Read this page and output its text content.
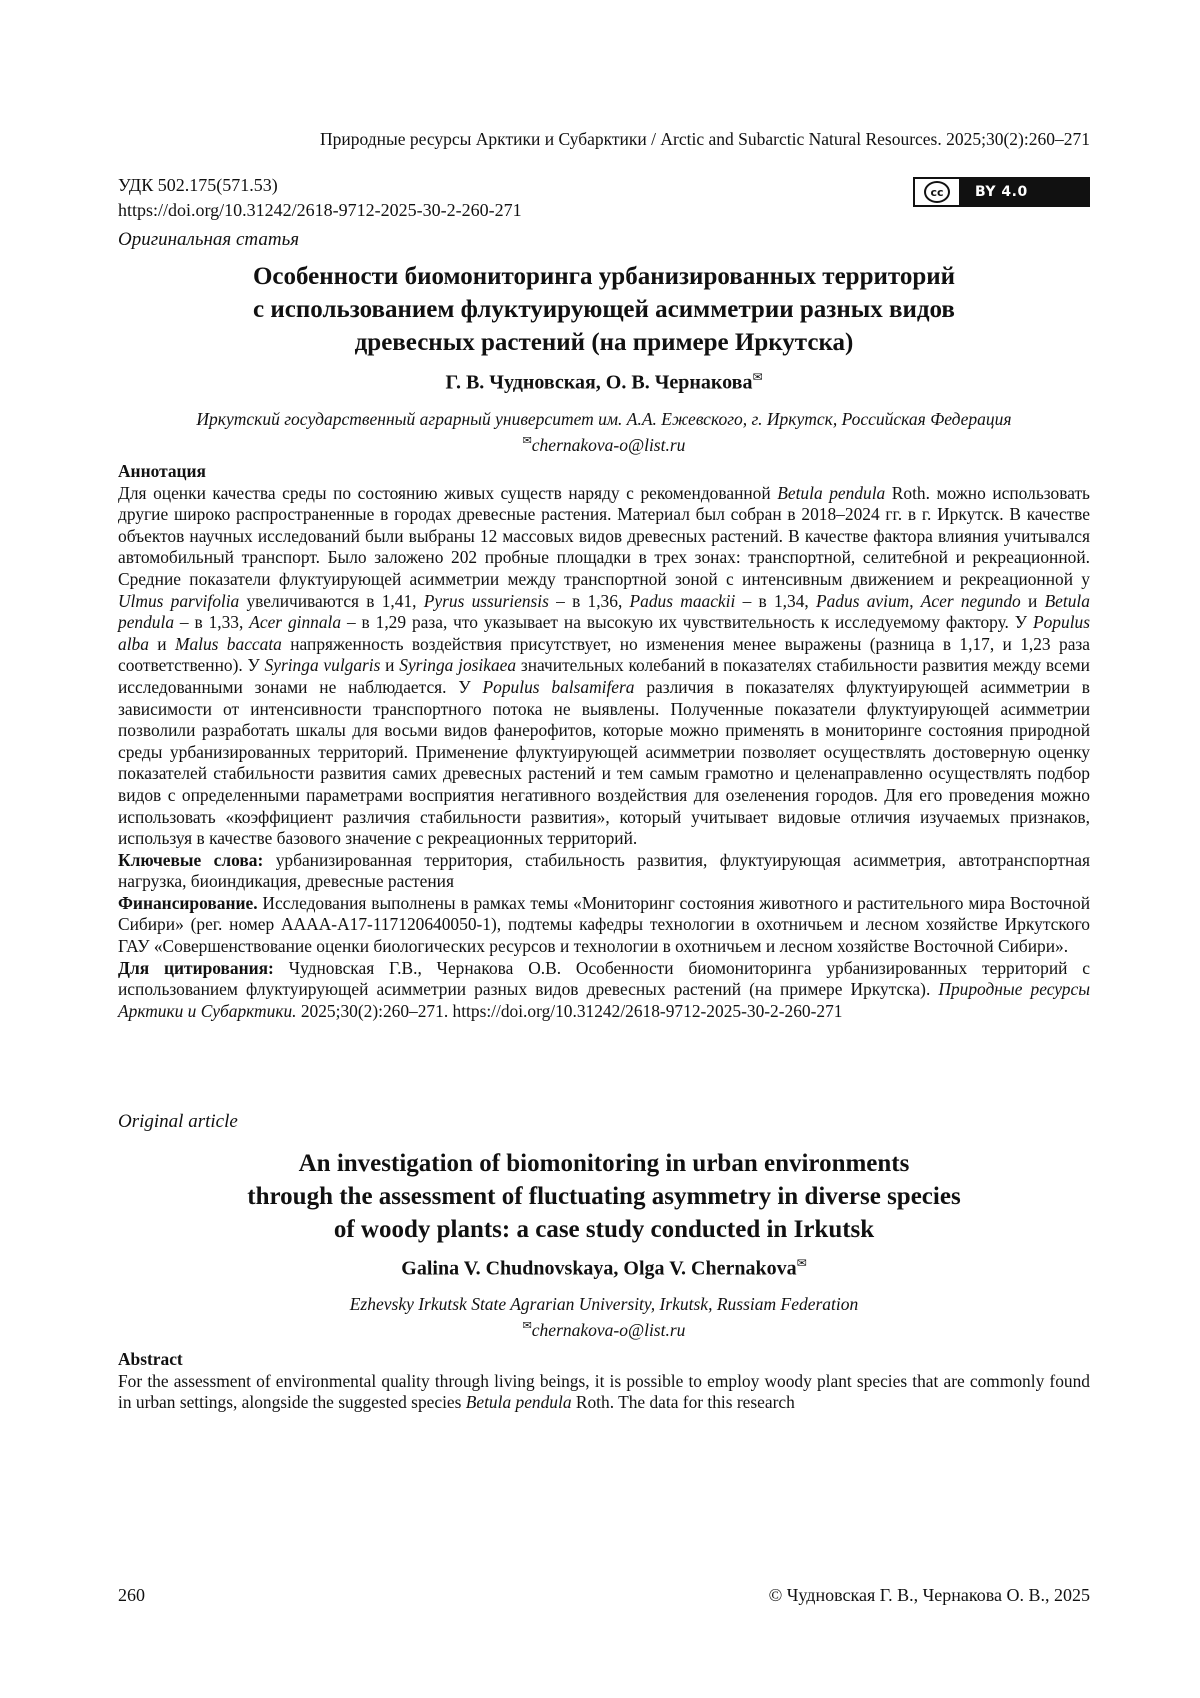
Природные ресурсы Арктики и Субарктики / Arctic and Subarctic Natural Resources. 2025;30(2):260–271
УДК 502.175(571.53)
https://doi.org/10.31242/2618-9712-2025-30-2-260-271
cc	BY 4.0
Оригинальная статья
Особенности биомониторинга урбанизированных территорий
с использованием флуктуирующей асимметрии разных видов
древесных растений (на примере Иркутска)
Г. В. Чудновская, О. В. Чернакова✉
Иркутский государственный аграрный университет им. А.А. Ежевского, г. Иркутск, Российская Федерация
✉chernakova-o@list.ru
Аннотация

Для оценки качества среды по состоянию живых существ наряду с рекомендованной Betula pendula Roth. можно использовать другие широко распространенные в городах древесные растения. Материал был собран в 2018–2024 гг. в г. Иркутск. В качестве объектов научных исследований были выбраны 12 массовых видов древесных растений. В качестве фактора влияния учитывался автомобильный транспорт. Было заложено 202 пробные площадки в трех зонах: транспортной, селитебной и рекреационной. Средние показатели флуктуирующей асимметрии между транспортной зоной с интенсивным движением и рекреационной у Ulmus parvifolia увеличиваются в 1,41, Pyrus ussuriensis – в 1,36, Padus maackii – в 1,34, Padus avium, Acer negundo и Betula pendula – в 1,33, Acer ginnala – в 1,29 раза, что указывает на высокую их чувствительность к исследуемому фактору. У Populus alba и Malus baccata напряженность воздействия присутствует, но изменения менее выражены (разница в 1,17, и 1,23 раза соответственно). У Syringa vulgaris и Syringa josikaea значительных колебаний в показателях стабильности развития между всеми исследованными зонами не наблюдается. У Populus balsamifera различия в показателях флуктуирующей асимметрии в зависимости от интенсивности транспортного потока не выявлены. Полученные показатели флуктуирующей асимметрии позволили разработать шкалы для восьми видов фанерофитов, которые можно применять в мониторинге состояния природной среды урбанизированных территорий. Применение флуктуирующей асимметрии позволяет осуществлять достоверную оценку показателей стабильности развития самих древесных растений и тем самым грамотно и целенаправленно осуществлять подбор видов с определенными параметрами восприятия негативного воздействия для озеленения городов. Для его проведения можно использовать «коэффициент различия стабильности развития», который учитывает видовые отличия изучаемых признаков, используя в качестве базового значение с рекреационных территорий.

Ключевые слова: урбанизированная территория, стабильность развития, флуктуирующая асимметрия, автотранспортная нагрузка, биоиндикация, древесные растения

Финансирование. Исследования выполнены в рамках темы «Мониторинг состояния животного и растительного мира Восточной Сибири» (рег. номер АААА-А17-117120640050-1), подтемы кафедры технологии в охотничьем и лесном хозяйстве Иркутского ГАУ «Совершенствование оценки биологических ресурсов и технологии в охотничьем и лесном хозяйстве Восточной Сибири».

Для цитирования: Чудновская Г.В., Чернакова О.В. Особенности биомониторинга урбанизированных территорий с использованием флуктуирующей асимметрии разных видов древесных растений (на примере Иркутска). Природные ресурсы Арктики и Субарктики. 2025;30(2):260–271. https://doi.org/10.31242/2618-9712-2025-30-2-260-271

Original article
An investigation of biomonitoring in urban environments
through the assessment of fluctuating asymmetry in diverse species
of woody plants: a case study conducted in Irkutsk
Galina V. Chudnovskaya, Olga V. Chernakova✉
Ezhevsky Irkutsk State Agrarian University, Irkutsk, Russiam Federation
✉chernakova-o@list.ru
Abstract

For the assessment of environmental quality through living beings, it is possible to employ woody plant species that are commonly found in urban settings, alongside the suggested species Betula pendula Roth. The data for this research

260	© Чудновская Г. В., Чернакова О. В., 2025
